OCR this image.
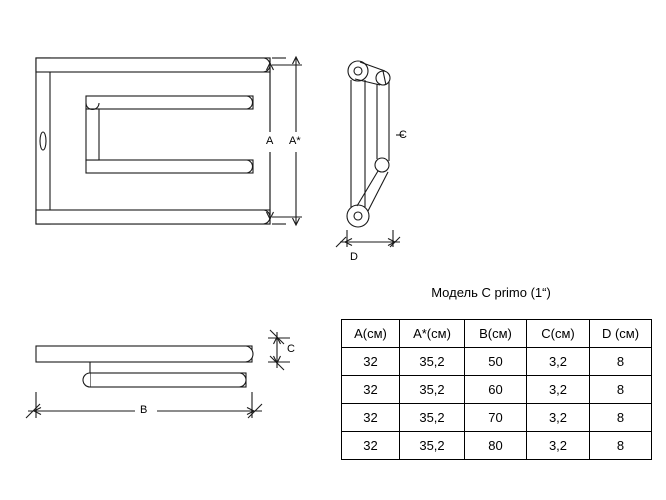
A A*
D
C
C
B
Модель C primo (1“)
A(см)	A*(см)	B(см)	C(см)	D (см)
32	35,2	50	3,2	8
32	35,2	60	3,2	8
32	35,2	70	3,2	8
32	35,2	80	3,2	8
